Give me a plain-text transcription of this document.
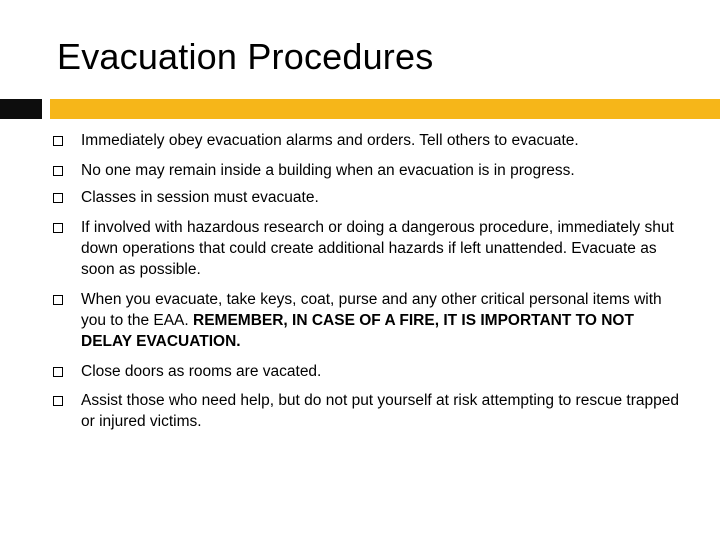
Evacuation Procedures
Immediately obey evacuation alarms and orders. Tell others to evacuate.
No one may remain inside a building when an evacuation is in progress.
Classes in session must evacuate.
If involved with hazardous research or doing a dangerous procedure, immediately shut down operations that could create additional hazards if left unattended. Evacuate as soon as possible.
When you evacuate, take keys, coat, purse and any other critical personal items with you to the EAA. REMEMBER, IN CASE OF A FIRE, IT IS IMPORTANT TO NOT DELAY EVACUATION.
Close doors as rooms are vacated.
Assist those who need help, but do not put yourself at risk attempting to rescue trapped or injured victims.
